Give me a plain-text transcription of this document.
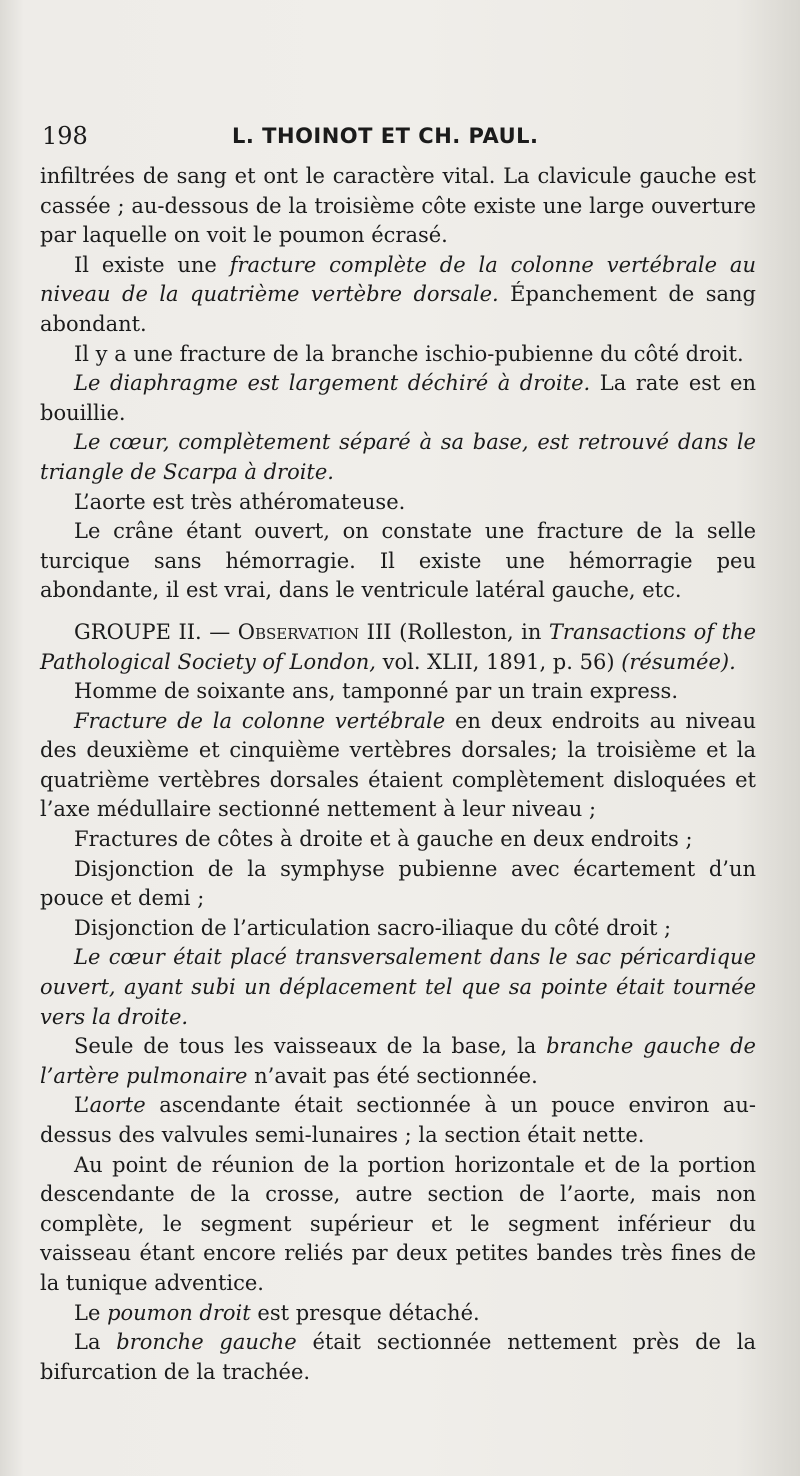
198	L. THOINOT ET CH. PAUL.

infiltrées de sang et ont le caractère vital. La clavicule gauche est cassée ; au-dessous de la troisième côte existe une large ouverture par laquelle on voit le poumon écrasé.

Il existe une fracture complète de la colonne vertébrale au niveau de la quatrième vertèbre dorsale. Épanchement de sang abondant.

Il y a une fracture de la branche ischio-pubienne du côté droit.

Le diaphragme est largement déchiré à droite. La rate est en bouillie.

Le cœur, complètement séparé à sa base, est retrouvé dans le triangle de Scarpa à droite.

L’aorte est très athéromateuse.

Le crâne étant ouvert, on constate une fracture de la selle turcique sans hémorragie. Il existe une hémorragie peu abondante, il est vrai, dans le ventricule latéral gauche, etc.

GROUPE II. — Observation III (Rolleston, in Transactions of the Pathological Society of London, vol. XLII, 1891, p. 56) (résumée).

Homme de soixante ans, tamponné par un train express.

Fracture de la colonne vertébrale en deux endroits au niveau des deuxième et cinquième vertèbres dorsales; la troisième et la quatrième vertèbres dorsales étaient complètement disloquées et l’axe médullaire sectionné nettement à leur niveau ;

Fractures de côtes à droite et à gauche en deux endroits ;

Disjonction de la symphyse pubienne avec écartement d’un pouce et demi ;

Disjonction de l’articulation sacro-iliaque du côté droit ;

Le cœur était placé transversalement dans le sac péricardique ouvert, ayant subi un déplacement tel que sa pointe était tournée vers la droite.

Seule de tous les vaisseaux de la base, la branche gauche de l’artère pulmonaire n’avait pas été sectionnée.

L’aorte ascendante était sectionnée à un pouce environ au-dessus des valvules semi-lunaires ; la section était nette.

Au point de réunion de la portion horizontale et de la portion descendante de la crosse, autre section de l’aorte, mais non complète, le segment supérieur et le segment inférieur du vaisseau étant encore reliés par deux petites bandes très fines de la tunique adventice.

Le poumon droit est presque détaché.

La bronche gauche était sectionnée nettement près de la bifurcation de la trachée.
